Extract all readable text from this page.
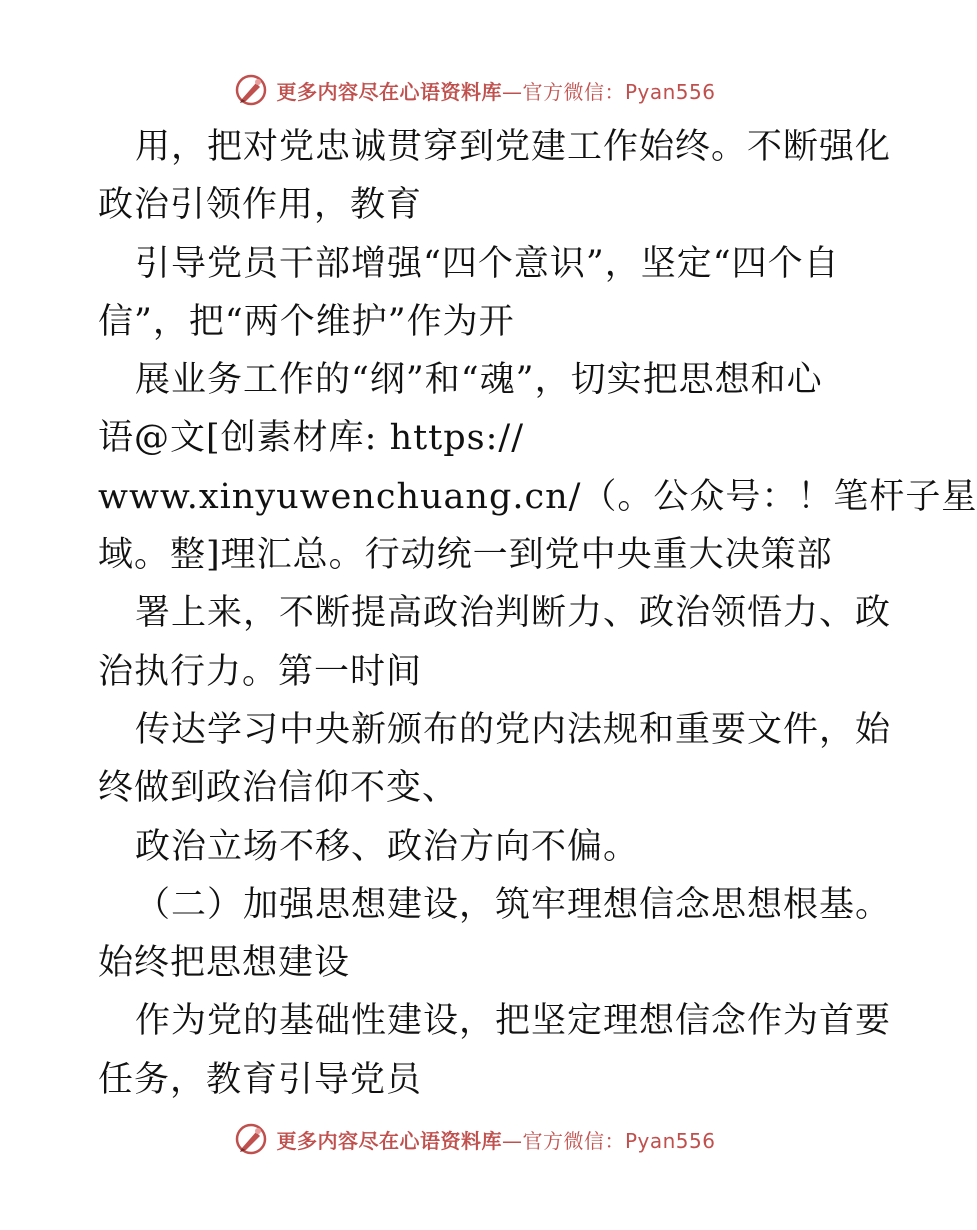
更多内容尽在心语资料库—官方微信：Pyan556
用，把对党忠诚贯穿到党建工作始终。不断强化
政治引领作用，教育
引导党员干部增强“四个意识”，坚定“四个自
信”，把“两个维护”作为开
展业务工作的“纲”和“魂”，切实把思想和心
语@文[创素材库: https://
www.xinyuwenchuang.cn/（。公众号：！笔杆子星
域。整]理汇总。行动统一到党中央重大决策部
署上来，不断提高政治判断力、政治领悟力、政
治执行力。第一时间
传达学习中央新颁布的党内法规和重要文件，始
终做到政治信仰不变、
政治立场不移、政治方向不偏。
（二）加强思想建设，筑牢理想信念思想根基。
始终把思想建设
作为党的基础性建设，把坚定理想信念作为首要
任务，教育引导党员
更多内容尽在心语资料库—官方微信：Pyan556
